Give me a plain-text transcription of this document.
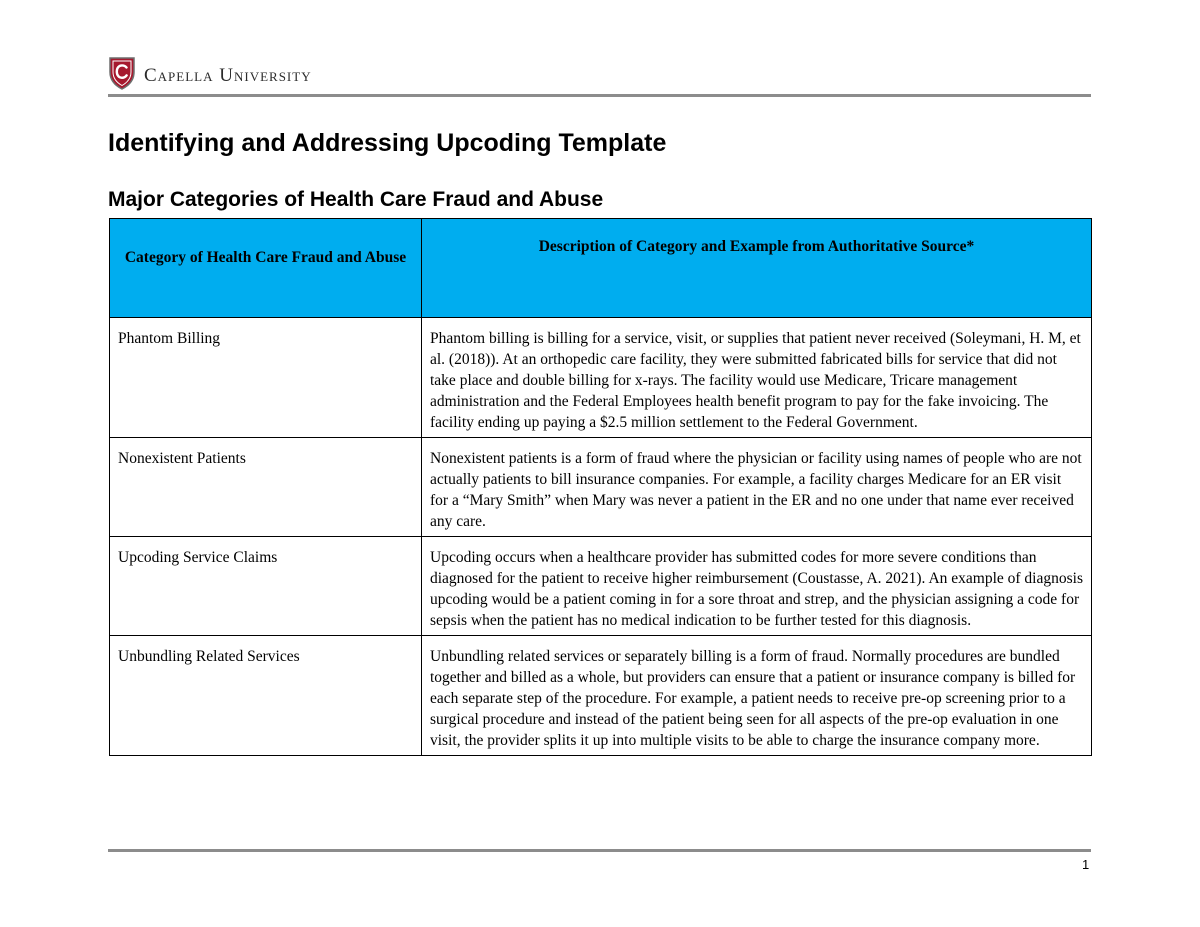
Capella University
Identifying and Addressing Upcoding Template
Major Categories of Health Care Fraud and Abuse
Category of Health Care Fraud and Abuse	Description of Category and Example from Authoritative Source*
Phantom Billing	Phantom billing is billing for a service, visit, or supplies that patient never received (Soleymani, H. M, et al. (2018)). At an orthopedic care facility, they were submitted fabricated bills for service that did not take place and double billing for x-rays. The facility would use Medicare, Tricare management administration and the Federal Employees health benefit program to pay for the fake invoicing. The facility ending up paying a $2.5 million settlement to the Federal Government.
Nonexistent Patients	Nonexistent patients is a form of fraud where the physician or facility using names of people who are not actually patients to bill insurance companies. For example, a facility charges Medicare for an ER visit for a “Mary Smith” when Mary was never a patient in the ER and no one under that name ever received any care.
Upcoding Service Claims	Upcoding occurs when a healthcare provider has submitted codes for more severe conditions than diagnosed for the patient to receive higher reimbursement (Coustasse, A. 2021). An example of diagnosis upcoding would be a patient coming in for a sore throat and strep, and the physician assigning a code for sepsis when the patient has no medical indication to be further tested for this diagnosis.
Unbundling Related Services	Unbundling related services or separately billing is a form of fraud. Normally procedures are bundled together and billed as a whole, but providers can ensure that a patient or insurance company is billed for each separate step of the procedure. For example, a patient needs to receive pre-op screening prior to a surgical procedure and instead of the patient being seen for all aspects of the pre-op evaluation in one visit, the provider splits it up into multiple visits to be able to charge the insurance company more.
1
